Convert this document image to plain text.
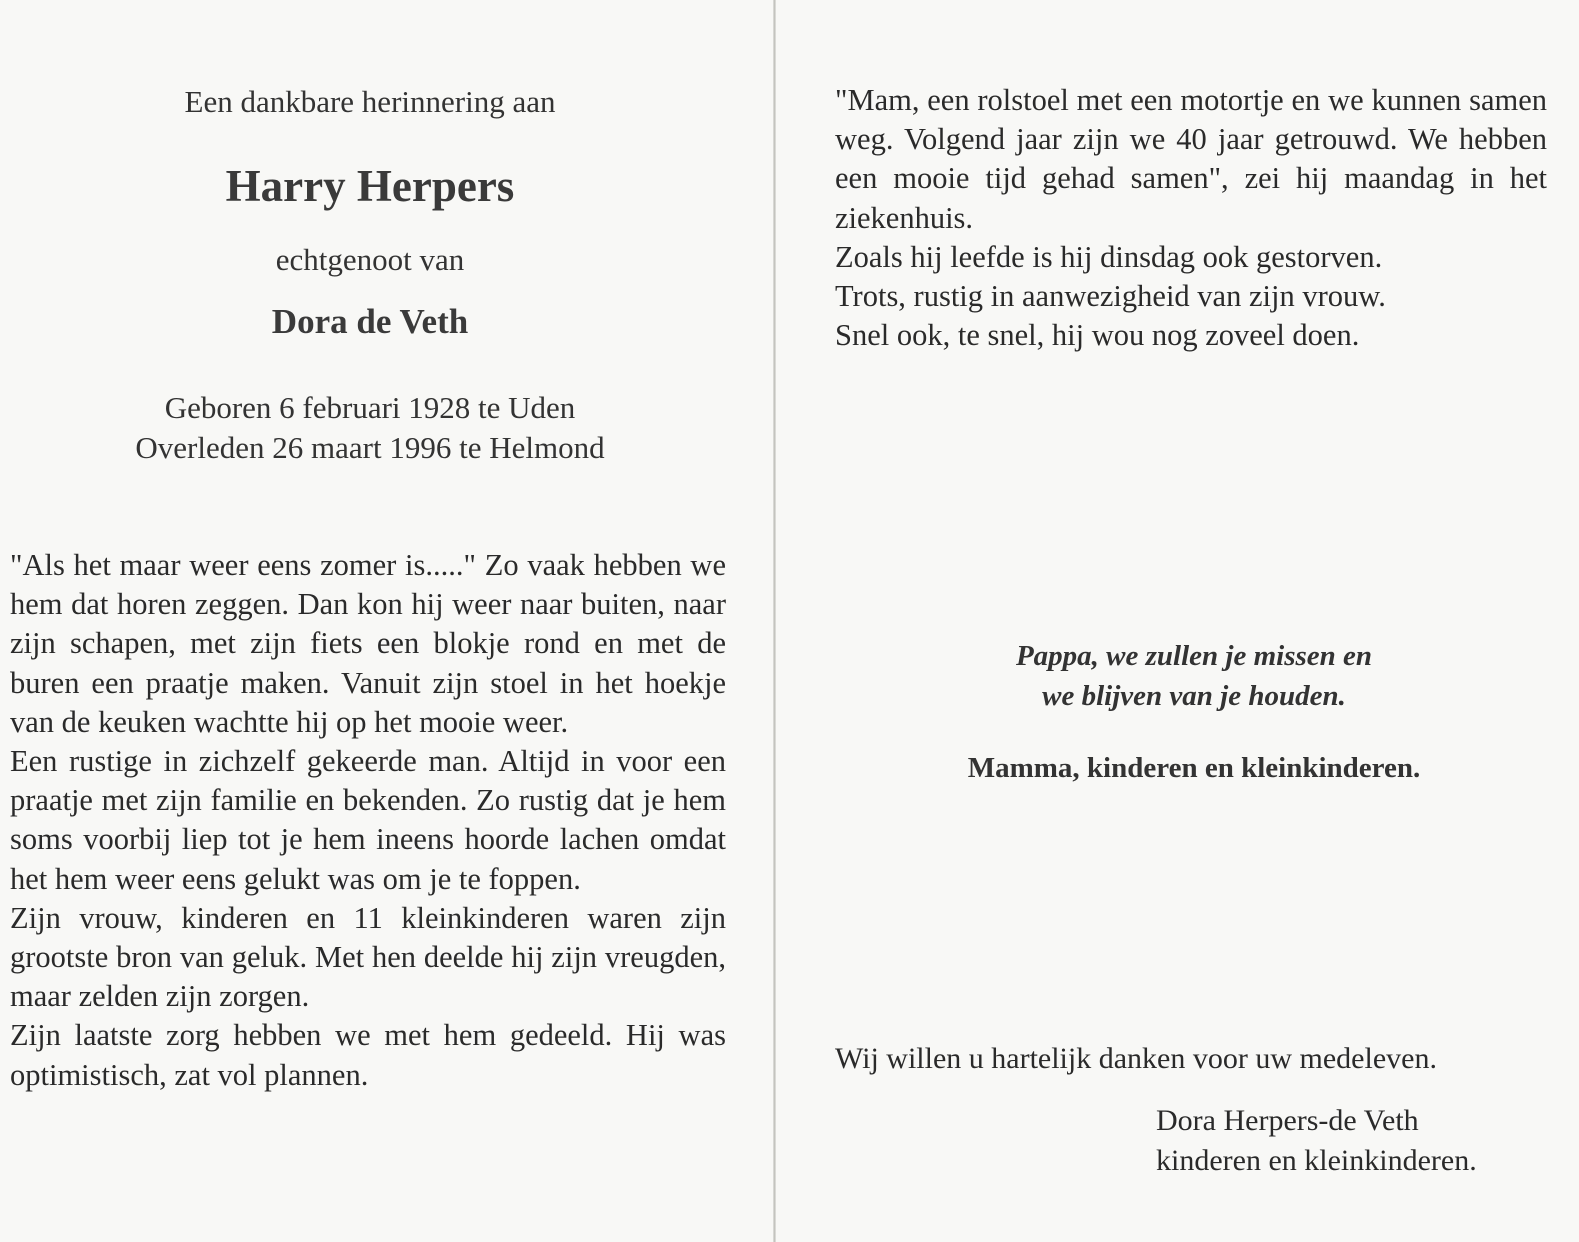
Een dankbare herinnering aan
Harry Herpers
echtgenoot van
Dora de Veth
Geboren 6 februari 1928 te Uden
Overleden 26 maart 1996 te Helmond

"Als het maar weer eens zomer is....." Zo vaak hebben we hem dat horen zeggen. Dan kon hij weer naar buiten, naar zijn schapen, met zijn fiets een blokje rond en met de buren een praatje maken. Vanuit zijn stoel in het hoekje van de keuken wachtte hij op het mooie weer.

Een rustige in zichzelf gekeerde man. Altijd in voor een praatje met zijn familie en bekenden. Zo rustig dat je hem soms voorbij liep tot je hem ineens hoorde lachen omdat het hem weer eens gelukt was om je te foppen.

Zijn vrouw, kinderen en 11 kleinkinderen waren zijn grootste bron van geluk. Met hen deelde hij zijn vreugden, maar zelden zijn zorgen.

Zijn laatste zorg hebben we met hem gedeeld. Hij was optimistisch, zat vol plannen.

"Mam, een rolstoel met een motortje en we kunnen samen weg. Volgend jaar zijn we 40 jaar getrouwd. We hebben een mooie tijd gehad samen", zei hij maandag in het ziekenhuis.

Zoals hij leefde is hij dinsdag ook gestorven.

Trots, rustig in aanwezigheid van zijn vrouw.

Snel ook, te snel, hij wou nog zoveel doen.

Pappa, we zullen je missen en
we blijven van je houden.
Mamma, kinderen en kleinkinderen.
Wij willen u hartelijk danken voor uw medeleven.
Dora Herpers-de Veth
kinderen en kleinkinderen.
